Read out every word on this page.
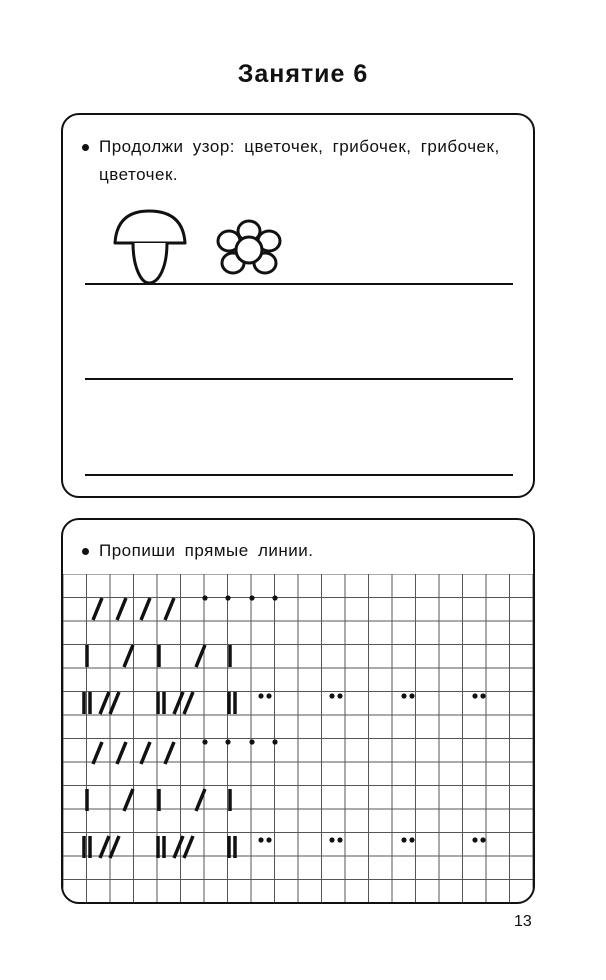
Занятие 6
Продолжи узор: цветочек, грибочек, грибочек, цветочек.
Пропиши прямые линии.
13
